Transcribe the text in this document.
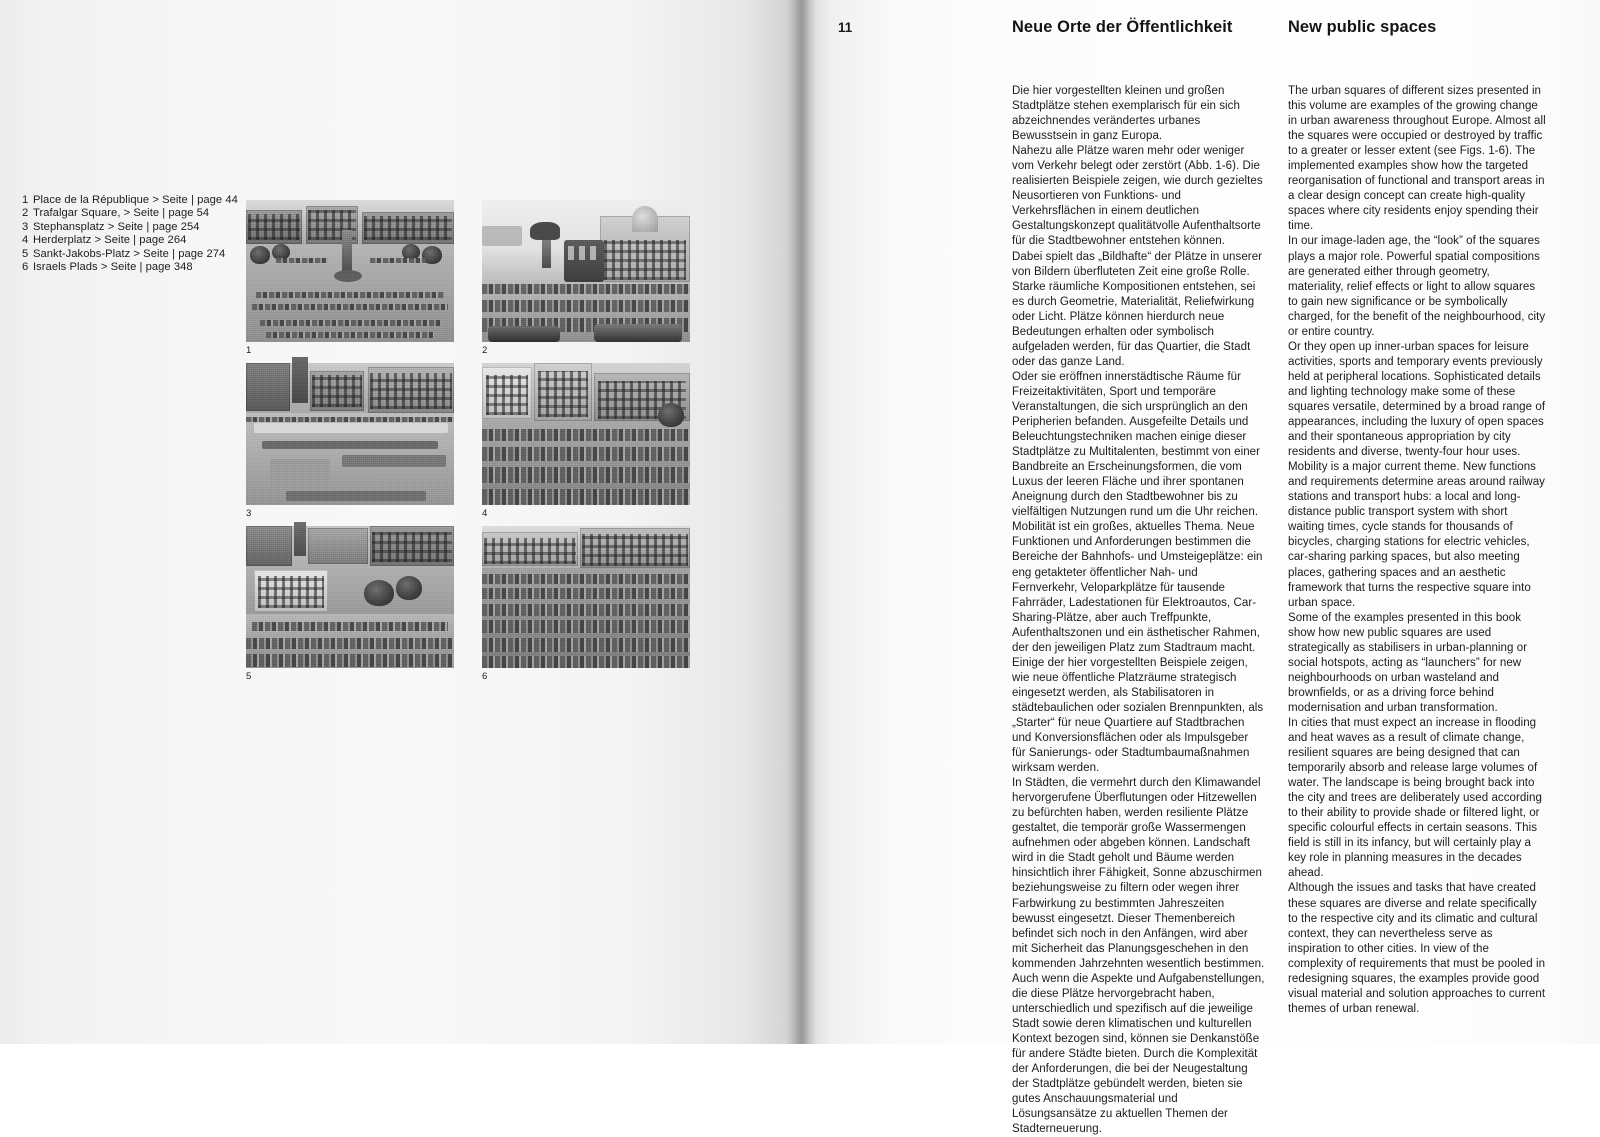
1 Place de la République > Seite | page 44
2 Trafalgar Square, > Seite | page 54
3 Stephansplatz > Seite | page 254
4 Herderplatz > Seite | page 264
5 Sankt-Jakobs-Platz > Seite | page 274
6 Israels Plads > Seite | page 348
1	2
3	4
5	6
11	Neue Orte der Öffentlichkeit	New public spaces

Die hier vorgestellten kleinen und großen Stadtplätze stehen exemplarisch für ein sich abzeichnendes verändertes urbanes Bewusstsein in ganz Europa.

Nahezu alle Plätze waren mehr oder weniger vom Verkehr belegt oder zerstört (Abb. 1-6). Die realisierten Beispiele zeigen, wie durch gezieltes Neusortieren von Funktions- und Verkehrsflächen in einem deutlichen Gestaltungskonzept qualitätvolle Aufenthaltsorte für die Stadtbewohner entstehen können.

Dabei spielt das „Bildhafte“ der Plätze in unserer von Bildern überfluteten Zeit eine große Rolle. Starke räumliche Kompositionen entstehen, sei es durch Geometrie, Materialität, Reliefwirkung oder Licht. Plätze können hierdurch neue Bedeutungen erhalten oder symbolisch aufgeladen werden, für das Quartier, die Stadt oder das ganze Land.

Oder sie eröffnen innerstädtische Räume für Freizeitaktivitäten, Sport und temporäre Veranstaltungen, die sich ursprünglich an den Peripherien befanden. Ausgefeilte Details und Beleuchtungstechniken machen einige dieser Stadtplätze zu Multitalenten, bestimmt von einer Bandbreite an Erscheinungsformen, die vom Luxus der leeren Fläche und ihrer spontanen Aneignung durch den Stadtbewohner bis zu vielfältigen Nutzungen rund um die Uhr reichen.

Mobilität ist ein großes, aktuelles Thema. Neue Funktionen und Anforderungen bestimmen die Bereiche der Bahnhofs- und Umsteigeplätze: ein eng getakteter öffentlicher Nah- und Fernverkehr, Veloparkplätze für tausende Fahrräder, Ladestationen für Elektroautos, Car-Sharing-Plätze, aber auch Treffpunkte, Aufenthaltszonen und ein ästhetischer Rahmen, der den jeweiligen Platz zum Stadtraum macht.

Einige der hier vorgestellten Beispiele zeigen, wie neue öffentliche Platzräume strategisch eingesetzt werden, als Stabilisatoren in städtebaulichen oder sozialen Brennpunkten, als „Starter“ für neue Quartiere auf Stadtbrachen und Konversionsflächen oder als Impulsgeber für Sanierungs- oder Stadtumbaumaßnahmen wirksam werden.

In Städten, die vermehrt durch den Klimawandel hervorgerufene Überflutungen oder Hitzewellen zu befürchten haben, werden resiliente Plätze gestaltet, die temporär große Wassermengen aufnehmen oder abgeben können. Landschaft wird in die Stadt geholt und Bäume werden hinsichtlich ihrer Fähigkeit, Sonne abzuschirmen beziehungsweise zu filtern oder wegen ihrer Farbwirkung zu bestimmten Jahreszeiten bewusst eingesetzt. Dieser Themenbereich befindet sich noch in den Anfängen, wird aber mit Sicherheit das Planungsgeschehen in den kommenden Jahrzehnten wesentlich bestimmen.

Auch wenn die Aspekte und Aufgabenstellungen, die diese Plätze hervorgebracht haben, unterschiedlich und spezifisch auf die jeweilige Stadt sowie deren klimatischen und kulturellen Kontext bezogen sind, können sie Denkanstöße für andere Städte bieten. Durch die Komplexität der Anforderungen, die bei der Neugestaltung der Stadtplätze gebündelt werden, bieten sie gutes Anschauungsmaterial und Lösungsansätze zu aktuellen Themen der Stadterneuerung.

The urban squares of different sizes presented in this volume are examples of the growing change in urban awareness throughout Europe. Almost all the squares were occupied or destroyed by traffic to a greater or lesser extent (see Figs. 1-6). The implemented examples show how the targeted reorganisation of functional and transport areas in a clear design concept can create high-quality spaces where city residents enjoy spending their time.

In our image-laden age, the “look” of the squares plays a major role. Powerful spatial compositions are generated either through geometry, materiality, relief effects or light to allow squares to gain new significance or be symbolically charged, for the benefit of the neighbourhood, city or entire country.

Or they open up inner-urban spaces for leisure activities, sports and temporary events previously held at peripheral locations. Sophisticated details and lighting technology make some of these squares versatile, determined by a broad range of appearances, including the luxury of open spaces and their spontaneous appropriation by city residents and diverse, twenty-four hour uses.

Mobility is a major current theme. New functions and requirements determine areas around railway stations and transport hubs: a local and long-distance public transport system with short waiting times, cycle stands for thousands of bicycles, charging stations for electric vehicles, car-sharing parking spaces, but also meeting places, gathering spaces and an aesthetic framework that turns the respective square into urban space.

Some of the examples presented in this book show how new public squares are used strategically as stabilisers in urban-planning or social hotspots, acting as “launchers” for new neighbourhoods on urban wasteland and brownfields, or as a driving force behind modernisation and urban transformation.

In cities that must expect an increase in flooding and heat waves as a result of climate change, resilient squares are being designed that can temporarily absorb and release large volumes of water. The landscape is being brought back into the city and trees are deliberately used according to their ability to provide shade or filtered light, or specific colourful effects in certain seasons. This field is still in its infancy, but will certainly play a key role in planning measures in the decades ahead.

Although the issues and tasks that have created these squares are diverse and relate specifically to the respective city and its climatic and cultural context, they can nevertheless serve as inspiration to other cities. In view of the complexity of requirements that must be pooled in redesigning squares, the examples provide good visual material and solution approaches to current themes of urban renewal.
